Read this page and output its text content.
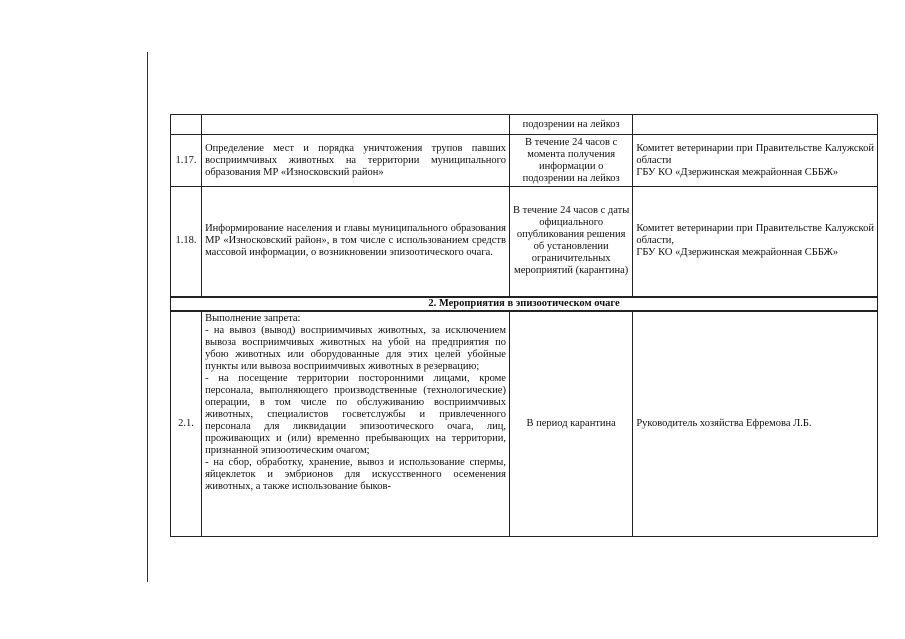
		подозрении на лейкоз	
1.17.	Определение мест и порядка уничтожения трупов павших восприимчивых животных на территории муниципального образования МР «Износковский район»	В течение 24 часов с момента получения информации о подозрении на лейкоз	Комитет ветеринарии при Правительстве Калужской области
ГБУ КО «Дзержинская межрайонная СББЖ»

1.18.	Информирование населения и главы муниципального образования МР «Износковский район», в том числе с использованием средств массовой информации, о возникновении эпизоотического очага.	В течение 24 часов с даты официального опубликования решения об установлении ограничительных мероприятий (карантина)	Комитет ветеринарии при Правительстве Калужской области,
ГБУ КО «Дзержинская межрайонная СББЖ»

2. Мероприятия в эпизоотическом очаге			
2.1.	Выполнение запрета:
- на вывоз (вывод) восприимчивых животных, за исключением вывоза восприимчивых животных на убой на предприятия по убою животных или оборудованные для этих целей убойные пункты или вывоза восприимчивых животных в резервацию;
- на посещение территории посторонними лицами, кроме персонала, выполняющего производственные (технологические) операции, в том числе по обслуживанию восприимчивых животных, специалистов госветслужбы и привлеченного персонала для ликвидации эпизоотического очага, лиц, проживающих и (или) временно пребывающих на территории, признанной эпизоотическим очагом;
- на сбор, обработку, хранение, вывоз и использование спермы, яйцеклеток и эмбрионов для искусственного осеменения животных, а также использование быков-	В период карантина	Руководитель хозяйства Ефремова Л.Б.
